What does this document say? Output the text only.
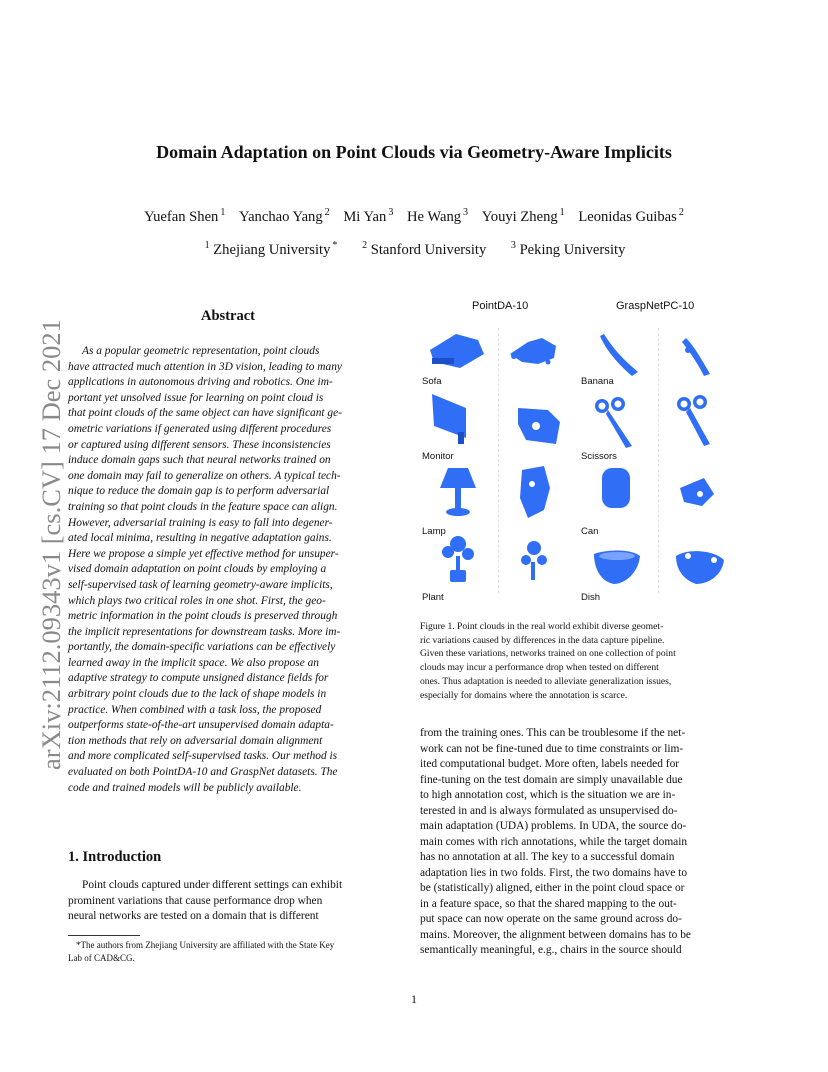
Domain Adaptation on Point Clouds via Geometry-Aware Implicits
Yuefan Shen $^1$ Yanchao Yang $^2$ Mi Yan $^3$ He Wang $^3$ Youyi Zheng $^1$ Leonidas Guibas $^2$
$^1$ Zhejiang University * $^2$ Stanford University $^3$ Peking University
arXiv:2112.09343v1 [cs.CV] 17 Dec 2021
Abstract
As a popular geometric representation, point clouds
have attracted much attention in 3D vision, leading to many
applications in autonomous driving and robotics. One im-
portant yet unsolved issue for learning on point cloud is
that point clouds of the same object can have significant ge-
ometric variations if generated using different procedures
or captured using different sensors. These inconsistencies
induce domain gaps such that neural networks trained on
one domain may fail to generalize on others. A typical tech-
nique to reduce the domain gap is to perform adversarial
training so that point clouds in the feature space can align.
However, adversarial training is easy to fall into degener-
ated local minima, resulting in negative adaptation gains.
Here we propose a simple yet effective method for unsuper-
vised domain adaptation on point clouds by employing a
self-supervised task of learning geometry-aware implicits,
which plays two critical roles in one shot. First, the geo-
metric information in the point clouds is preserved through
the implicit representations for downstream tasks. More im-
portantly, the domain-specific variations can be effectively
learned away in the implicit space. We also propose an
adaptive strategy to compute unsigned distance fields for
arbitrary point clouds due to the lack of shape models in
practice. When combined with a task loss, the proposed
outperforms state-of-the-art unsupervised domain adapta-
tion methods that rely on adversarial domain alignment
and more complicated self-supervised tasks. Our method is
evaluated on both PointDA-10 and GraspNet datasets. The
code and trained models will be publicly available.
1. Introduction
Point clouds captured under different settings can exhibit
prominent variations that cause performance drop when
neural networks are tested on a domain that is different
*The authors from Zhejiang University are affiliated with the State Key
Lab of CAD&CG.
PointDA-10	GraspNetPC-10
Sofa
Monitor
Lamp
Plant
Banana
Scissors
Can
Dish
Figure 1. Point clouds in the real world exhibit diverse geomet-
ric variations caused by differences in the data capture pipeline.
Given these variations, networks trained on one collection of point
clouds may incur a performance drop when tested on different
ones. Thus adaptation is needed to alleviate generalization issues,
especially for domains where the annotation is scarce.
from the training ones. This can be troublesome if the net-
work can not be fine-tuned due to time constraints or lim-
ited computational budget. More often, labels needed for
fine-tuning on the test domain are simply unavailable due
to high annotation cost, which is the situation we are in-
terested in and is always formulated as unsupervised do-
main adaptation (UDA) problems. In UDA, the source do-
main comes with rich annotations, while the target domain
has no annotation at all. The key to a successful domain
adaptation lies in two folds. First, the two domains have to
be (statistically) aligned, either in the point cloud space or
in a feature space, so that the shared mapping to the out-
put space can now operate on the same ground across do-
mains. Moreover, the alignment between domains has to be
semantically meaningful, e.g., chairs in the source should
1
